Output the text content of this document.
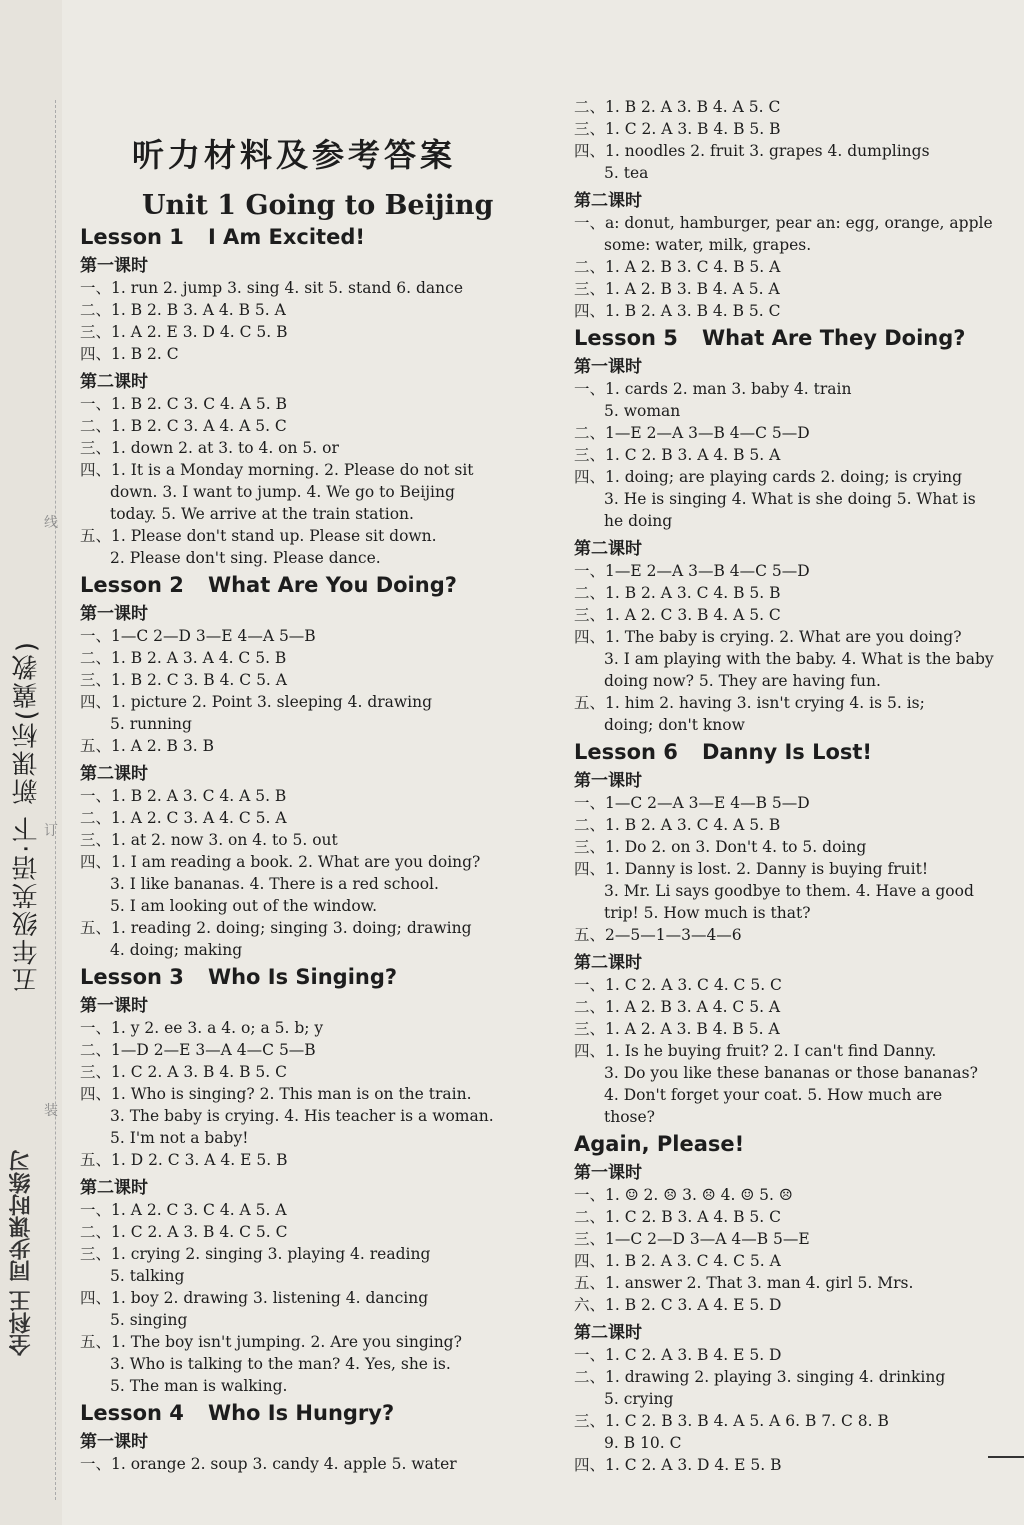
五年级英语·下 新课标(冀教)
全科王 同步课时练习
线
订
装
听力材料及参考答案
Unit 1 Going to Beijing
Lesson 1 I Am Excited!
第一课时
一、1. run 2. jump 3. sing 4. sit 5. stand 6. dance
二、1. B 2. B 3. A 4. B 5. A
三、1. A 2. E 3. D 4. C 5. B
四、1. B 2. C
第二课时
一、1. B 2. C 3. C 4. A 5. B
二、1. B 2. C 3. A 4. A 5. C
三、1. down 2. at 3. to 4. on 5. or
四、1. It is a Monday morning. 2. Please do not sit
down. 3. I want to jump. 4. We go to Beijing
today. 5. We arrive at the train station.
五、1. Please don't stand up. Please sit down.
2. Please don't sing. Please dance.
Lesson 2 What Are You Doing?
第一课时
一、1—C 2—D 3—E 4—A 5—B
二、1. B 2. A 3. A 4. C 5. B
三、1. B 2. C 3. B 4. C 5. A
四、1. picture 2. Point 3. sleeping 4. drawing
5. running
五、1. A 2. B 3. B
第二课时
一、1. B 2. A 3. C 4. A 5. B
二、1. A 2. C 3. A 4. C 5. A
三、1. at 2. now 3. on 4. to 5. out
四、1. I am reading a book. 2. What are you doing?
3. I like bananas. 4. There is a red school.
5. I am looking out of the window.
五、1. reading 2. doing; singing 3. doing; drawing
4. doing; making
Lesson 3 Who Is Singing?
第一课时
一、1. y 2. ee 3. a 4. o; a 5. b; y
二、1—D 2—E 3—A 4—C 5—B
三、1. C 2. A 3. B 4. B 5. C
四、1. Who is singing? 2. This man is on the train.
3. The baby is crying. 4. His teacher is a woman.
5. I'm not a baby!
五、1. D 2. C 3. A 4. E 5. B
第二课时
一、1. A 2. C 3. C 4. A 5. A
二、1. C 2. A 3. B 4. C 5. C
三、1. crying 2. singing 3. playing 4. reading
5. talking
四、1. boy 2. drawing 3. listening 4. dancing
5. singing
五、1. The boy isn't jumping. 2. Are you singing?
3. Who is talking to the man? 4. Yes, she is.
5. The man is walking.
Lesson 4 Who Is Hungry?
第一课时
一、1. orange 2. soup 3. candy 4. apple 5. water
二、1. B 2. A 3. B 4. A 5. C
三、1. C 2. A 3. B 4. B 5. B
四、1. noodles 2. fruit 3. grapes 4. dumplings
5. tea
第二课时
一、a: donut, hamburger, pear an: egg, orange, apple
some: water, milk, grapes.
二、1. A 2. B 3. C 4. B 5. A
三、1. A 2. B 3. B 4. A 5. A
四、1. B 2. A 3. B 4. B 5. C
Lesson 5 What Are They Doing?
第一课时
一、1. cards 2. man 3. baby 4. train
5. woman
二、1—E 2—A 3—B 4—C 5—D
三、1. C 2. B 3. A 4. B 5. A
四、1. doing; are playing cards 2. doing; is crying
3. He is singing 4. What is she doing 5. What is
he doing
第二课时
一、1—E 2—A 3—B 4—C 5—D
二、1. B 2. A 3. C 4. B 5. B
三、1. A 2. C 3. B 4. A 5. C
四、1. The baby is crying. 2. What are you doing?
3. I am playing with the baby. 4. What is the baby
doing now? 5. They are having fun.
五、1. him 2. having 3. isn't crying 4. is 5. is;
doing; don't know
Lesson 6 Danny Is Lost!
第一课时
一、1—C 2—A 3—E 4—B 5—D
二、1. B 2. A 3. C 4. A 5. B
三、1. Do 2. on 3. Don't 4. to 5. doing
四、1. Danny is lost. 2. Danny is buying fruit!
3. Mr. Li says goodbye to them. 4. Have a good
trip! 5. How much is that?
五、2—5—1—3—4—6
第二课时
一、1. C 2. A 3. C 4. C 5. C
二、1. A 2. B 3. A 4. C 5. A
三、1. A 2. A 3. B 4. B 5. A
四、1. Is he buying fruit? 2. I can't find Danny.
3. Do you like these bananas or those bananas?
4. Don't forget your coat. 5. How much are
those?
Again, Please!
第一课时
一、1. ☺ 2. ☹ 3. ☹ 4. ☺ 5. ☹
二、1. C 2. B 3. A 4. B 5. C
三、1—C 2—D 3—A 4—B 5—E
四、1. B 2. A 3. C 4. C 5. A
五、1. answer 2. That 3. man 4. girl 5. Mrs.
六、1. B 2. C 3. A 4. E 5. D
第二课时
一、1. C 2. A 3. B 4. E 5. D
二、1. drawing 2. playing 3. singing 4. drinking
5. crying
三、1. C 2. B 3. B 4. A 5. A 6. B 7. C 8. B
9. B 10. C
四、1. C 2. A 3. D 4. E 5. B
